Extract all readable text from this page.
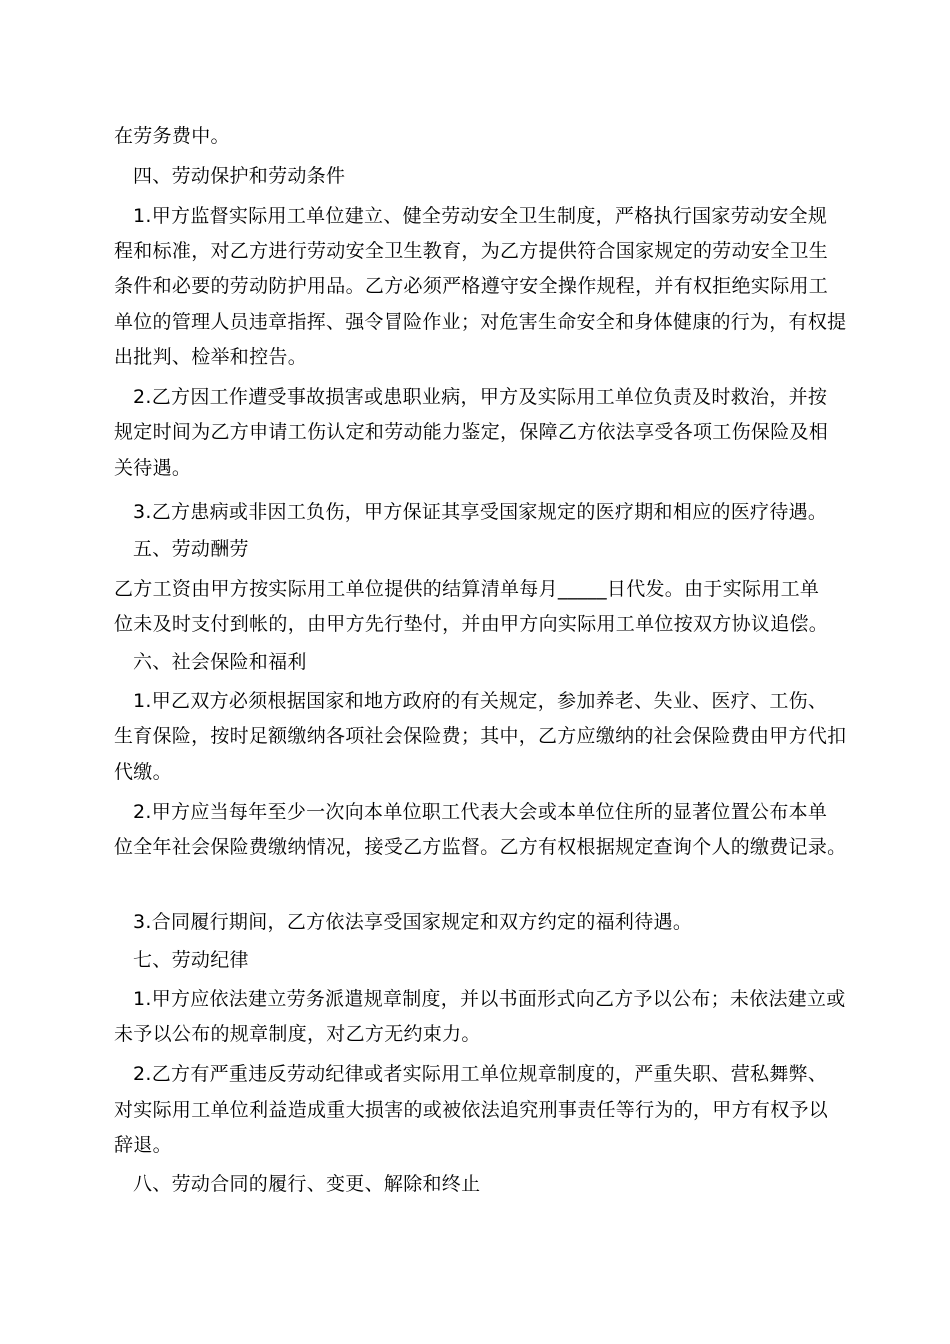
在劳务费中。
四、劳动保护和劳动条件
1.甲方监督实际用工单位建立、健全劳动安全卫生制度，严格执行国家劳动安全规
程和标准，对乙方进行劳动安全卫生教育，为乙方提供符合国家规定的劳动安全卫生
条件和必要的劳动防护用品。乙方必须严格遵守安全操作规程，并有权拒绝实际用工
单位的管理人员违章指挥、强令冒险作业；对危害生命安全和身体健康的行为，有权提
出批判、检举和控告。
2.乙方因工作遭受事故损害或患职业病，甲方及实际用工单位负责及时救治，并按
规定时间为乙方申请工伤认定和劳动能力鉴定，保障乙方依法享受各项工伤保险及相
关待遇。
3.乙方患病或非因工负伤，甲方保证其享受国家规定的医疗期和相应的医疗待遇。
五、劳动酬劳
乙方工资由甲方按实际用工单位提供的结算清单每月_____日代发。由于实际用工单
位未及时支付到帐的，由甲方先行垫付，并由甲方向实际用工单位按双方协议追偿。
六、社会保险和福利
1.甲乙双方必须根据国家和地方政府的有关规定，参加养老、失业、医疗、工伤、
生育保险，按时足额缴纳各项社会保险费；其中，乙方应缴纳的社会保险费由甲方代扣
代缴。
2.甲方应当每年至少一次向本单位职工代表大会或本单位住所的显著位置公布本单
位全年社会保险费缴纳情况，接受乙方监督。乙方有权根据规定查询个人的缴费记录。
3.合同履行期间，乙方依法享受国家规定和双方约定的福利待遇。
七、劳动纪律
1.甲方应依法建立劳务派遣规章制度，并以书面形式向乙方予以公布；未依法建立或
未予以公布的规章制度，对乙方无约束力。
2.乙方有严重违反劳动纪律或者实际用工单位规章制度的，严重失职、营私舞弊、
对实际用工单位利益造成重大损害的或被依法追究刑事责任等行为的，甲方有权予以
辞退。
八、劳动合同的履行、变更、解除和终止
